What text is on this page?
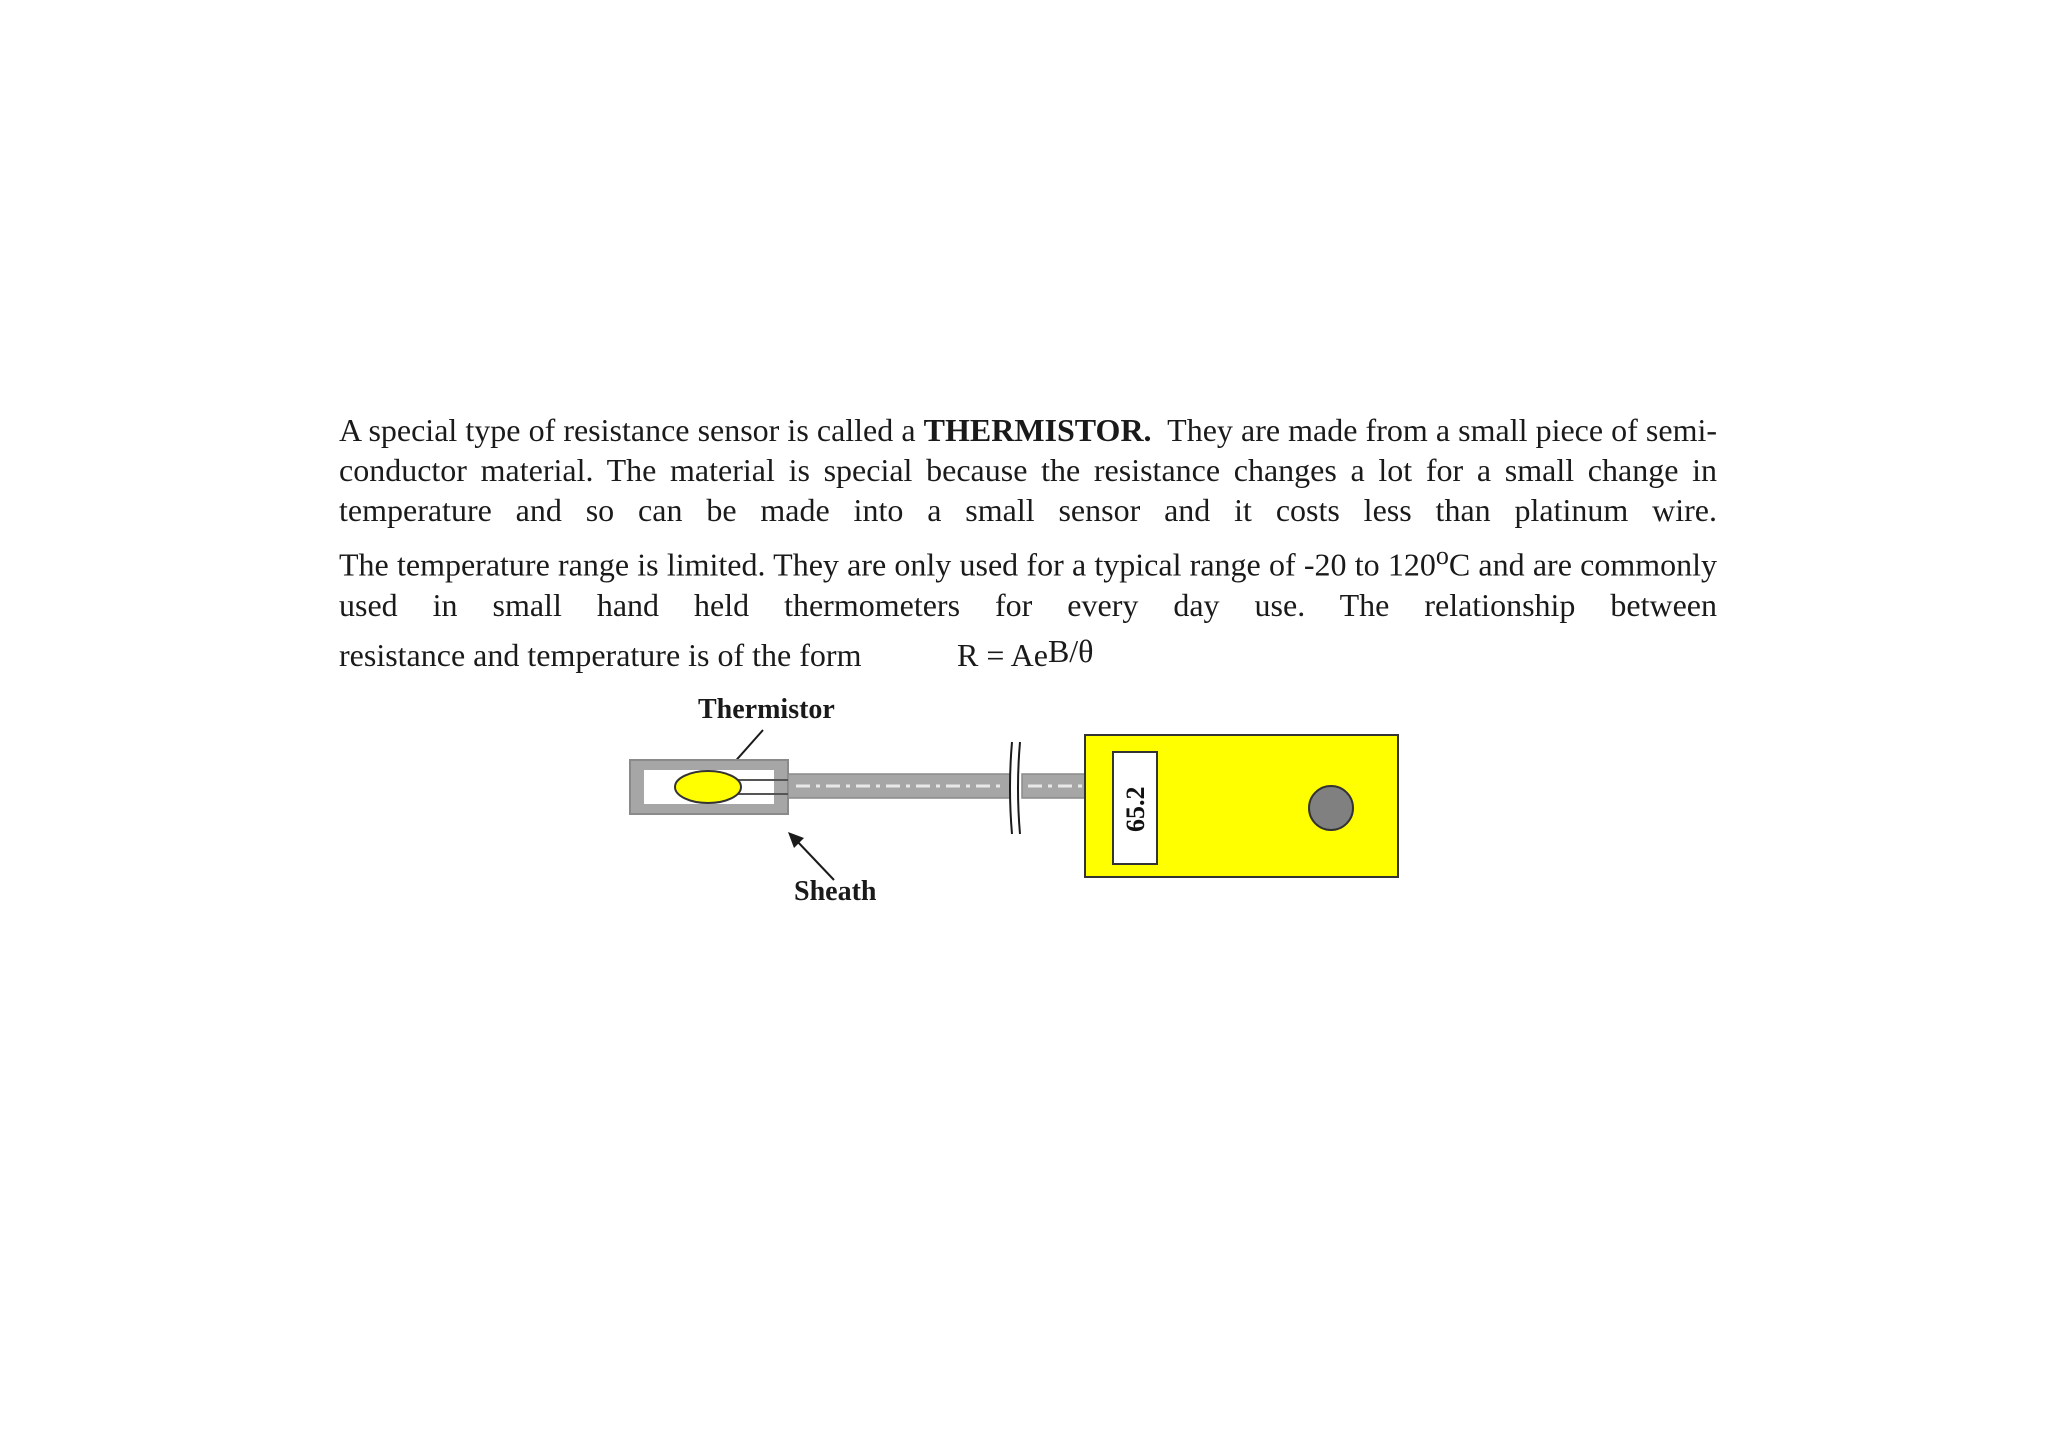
A special type of resistance sensor is called a THERMISTOR. They are made from a small piece of semi-conductor material. The material is special because the resistance changes a lot for a small change in temperature and so can be made into a small sensor and it costs less than platinum wire.

The temperature range is limited. They are only used for a typical range of -20 to 120$^o$C and are commonly used in small hand held thermometers for every day use. The relationship between

resistance and temperature is of the form	$R = Ae^{B/\theta}$
Thermistor
Sheath
65.2
